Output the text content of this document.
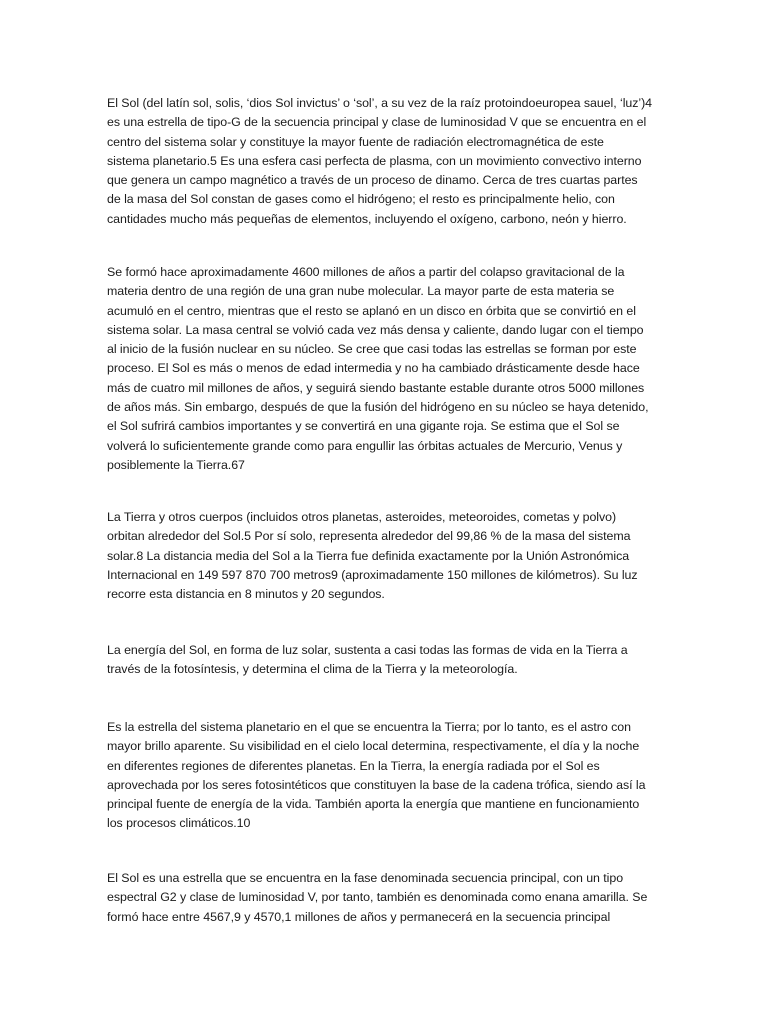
El Sol (del latín sol, solis, ‘dios Sol invictus’ o ‘sol’, a su vez de la raíz protoindoeuropea sauel, ‘luz’)4
es una estrella de tipo-G de la secuencia principal y clase de luminosidad V que se encuentra en el
centro del sistema solar y constituye la mayor fuente de radiación electromagnética de este
sistema planetario.5 Es una esfera casi perfecta de plasma, con un movimiento convectivo interno
que genera un campo magnético a través de un proceso de dinamo. Cerca de tres cuartas partes
de la masa del Sol constan de gases como el hidrógeno; el resto es principalmente helio, con
cantidades mucho más pequeñas de elementos, incluyendo el oxígeno, carbono, neón y hierro.

Se formó hace aproximadamente 4600 millones de años a partir del colapso gravitacional de la
materia dentro de una región de una gran nube molecular. La mayor parte de esta materia se
acumuló en el centro, mientras que el resto se aplanó en un disco en órbita que se convirtió en el
sistema solar. La masa central se volvió cada vez más densa y caliente, dando lugar con el tiempo
al inicio de la fusión nuclear en su núcleo. Se cree que casi todas las estrellas se forman por este
proceso. El Sol es más o menos de edad intermedia y no ha cambiado drásticamente desde hace
más de cuatro mil millones de años, y seguirá siendo bastante estable durante otros 5000 millones
de años más. Sin embargo, después de que la fusión del hidrógeno en su núcleo se haya detenido,
el Sol sufrirá cambios importantes y se convertirá en una gigante roja. Se estima que el Sol se
volverá lo suficientemente grande como para engullir las órbitas actuales de Mercurio, Venus y
posiblemente la Tierra.67

La Tierra y otros cuerpos (incluidos otros planetas, asteroides, meteoroides, cometas y polvo)
orbitan alrededor del Sol.5 Por sí solo, representa alrededor del 99,86 % de la masa del sistema
solar.8 La distancia media del Sol a la Tierra fue definida exactamente por la Unión Astronómica
Internacional en 149 597 870 700 metros9 (aproximadamente 150 millones de kilómetros). Su luz
recorre esta distancia en 8 minutos y 20 segundos.

La energía del Sol, en forma de luz solar, sustenta a casi todas las formas de vida en la Tierra a
través de la fotosíntesis, y determina el clima de la Tierra y la meteorología.

Es la estrella del sistema planetario en el que se encuentra la Tierra; por lo tanto, es el astro con
mayor brillo aparente. Su visibilidad en el cielo local determina, respectivamente, el día y la noche
en diferentes regiones de diferentes planetas. En la Tierra, la energía radiada por el Sol es
aprovechada por los seres fotosintéticos que constituyen la base de la cadena trófica, siendo así la
principal fuente de energía de la vida. También aporta la energía que mantiene en funcionamiento
los procesos climáticos.10

El Sol es una estrella que se encuentra en la fase denominada secuencia principal, con un tipo
espectral G2 y clase de luminosidad V, por tanto, también es denominada como enana amarilla. Se
formó hace entre 4567,9 y 4570,1 millones de años y permanecerá en la secuencia principal
